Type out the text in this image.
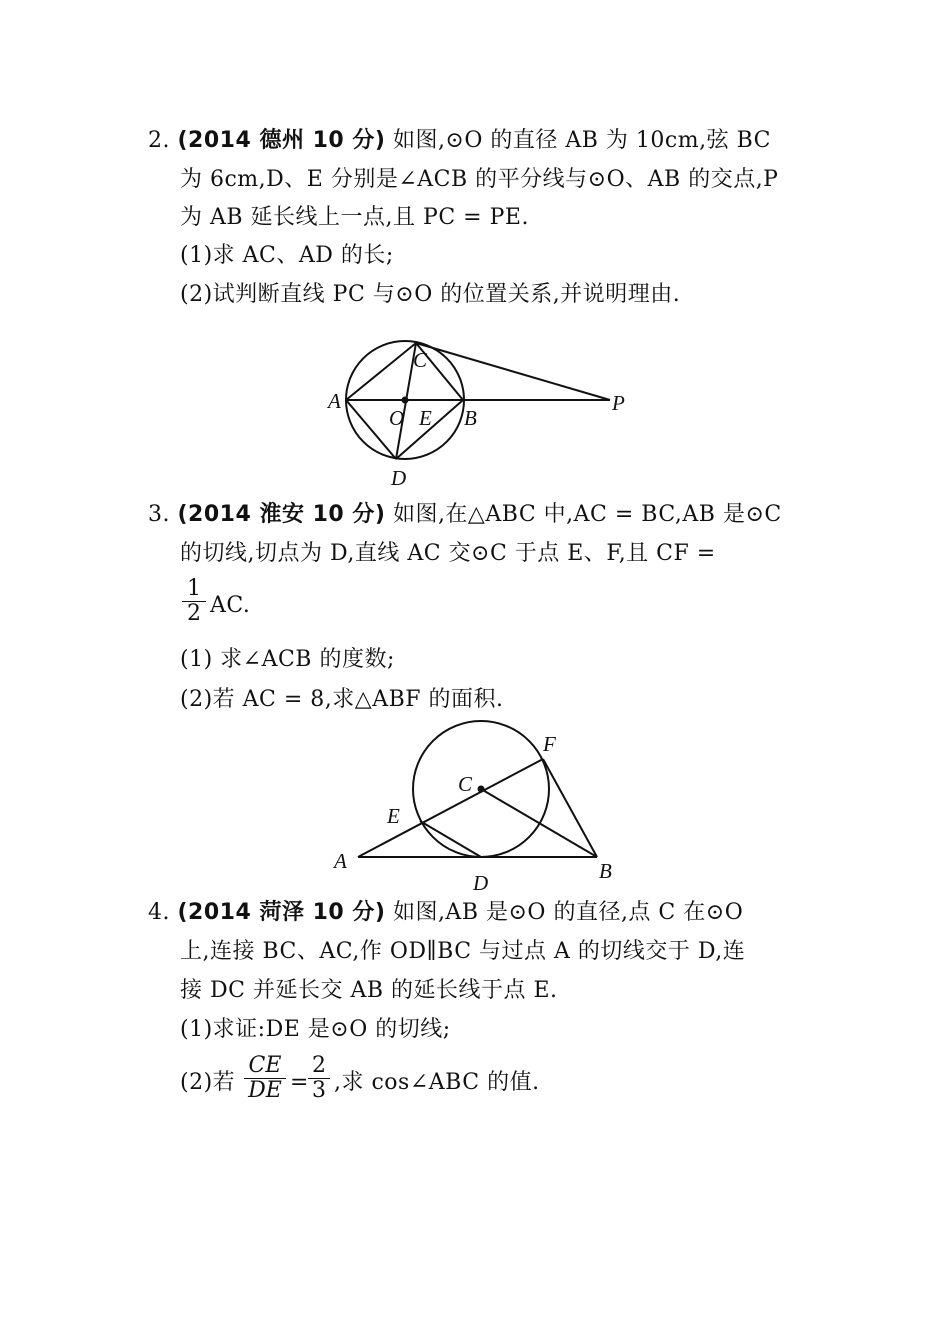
2. (2014 德州 10 分) 如图,⊙O 的直径 AB 为 10cm,弦 BC
为 6cm,D、E 分别是∠ACB 的平分线与⊙O、AB 的交点,P
为 AB 延长线上一点,且 PC = PE.
(1)求 AC、AD 的长;
(2)试判断直线 PC 与⊙O 的位置关系,并说明理由.
A
C
O E B
P
D
A
E
C
F
D	B
3. (2014 淮安 10 分) 如图,在△ABC 中,AC = BC,AB 是⊙C
的切线,切点为 D,直线 AC 交⊙C 于点 E、F,且 CF =
1
2 AC.
(1) 求∠ACB 的度数;
(2)若 AC = 8,求△ABF 的面积.
4. (2014 菏泽 10 分) 如图,AB 是⊙O 的直径,点 C 在⊙O
上,连接 BC、AC,作 OD∥BC 与过点 A 的切线交于 D,连
接 DC 并延长交 AB 的延长线于点 E.
(1)求证:DE 是⊙O 的切线;
(2)若
CE
DE =
2
3 ,求 cos∠ABC 的值.
